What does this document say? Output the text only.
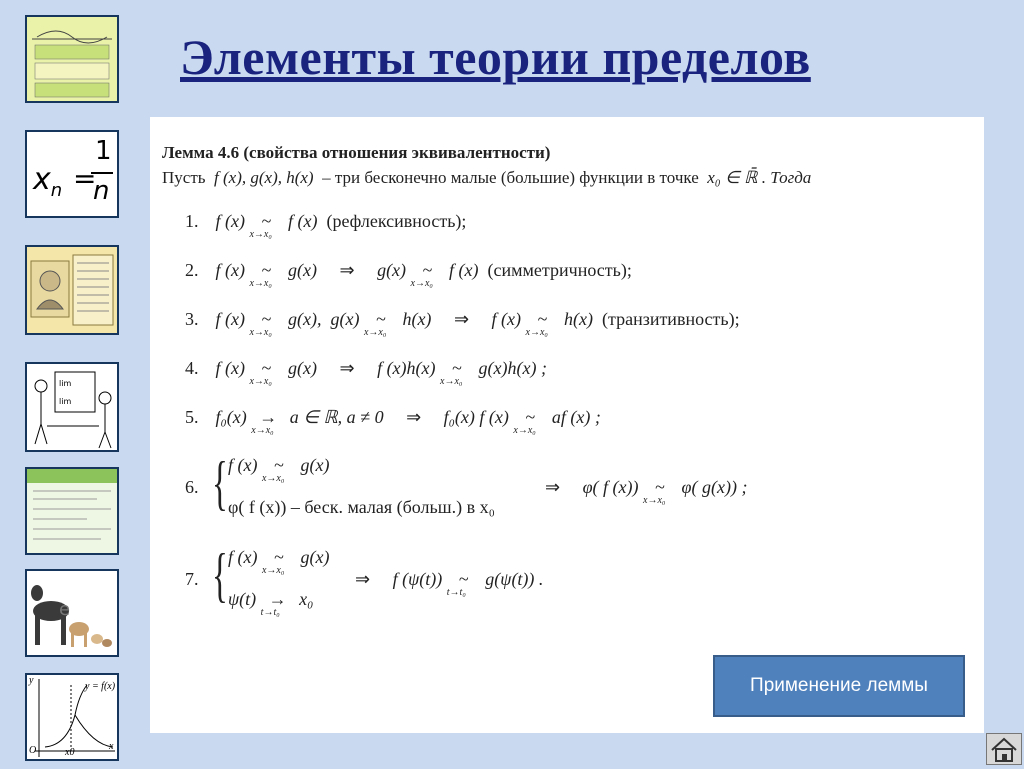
Элементы теории пределов
$x_n$ =
1
n
lim
lim
e
y = f(x)
y
x
O	x0
Лемма 4.6 (свойства отношения эквивалентности)
Пусть f (x), g(x), h(x) – три бесконечно малые (большие) функции в точке x₀ ∈ ℝ̄ . Тогда
1. f (x) ~
x→x₀
f (x) (рефлексивность);
2. f (x) ~
x→x₀
g(x) ⇒ g(x) ~
x→x₀
f (x) (симметричность);
3. f (x) ~
x→x₀
g(x), g(x) ~
x→x₀
h(x) ⇒ f (x) ~
x→x₀
h(x) (транзитивность);
4. f (x) ~
x→x₀
g(x) ⇒ f (x)h(x) ~
x→x₀
g(x)h(x) ;
5. f₀(x) →
x→x₀
a ∈ ℝ, a ≠ 0 ⇒ f₀(x) f (x) ~
x→x₀
af (x) ;
6. { f (x) ~
x→x₀
g(x)
φ( f (x)) – беск. малая (больш.) в x₀
⇒ φ( f (x)) ~
x→x₀
φ( g(x)) ;
7. { f (x) ~
x→x₀
g(x)
ψ(t) →
t→t₀
x₀
⇒ f (ψ(t)) ~
t→t₀
g(ψ(t)) .
Применение леммы
